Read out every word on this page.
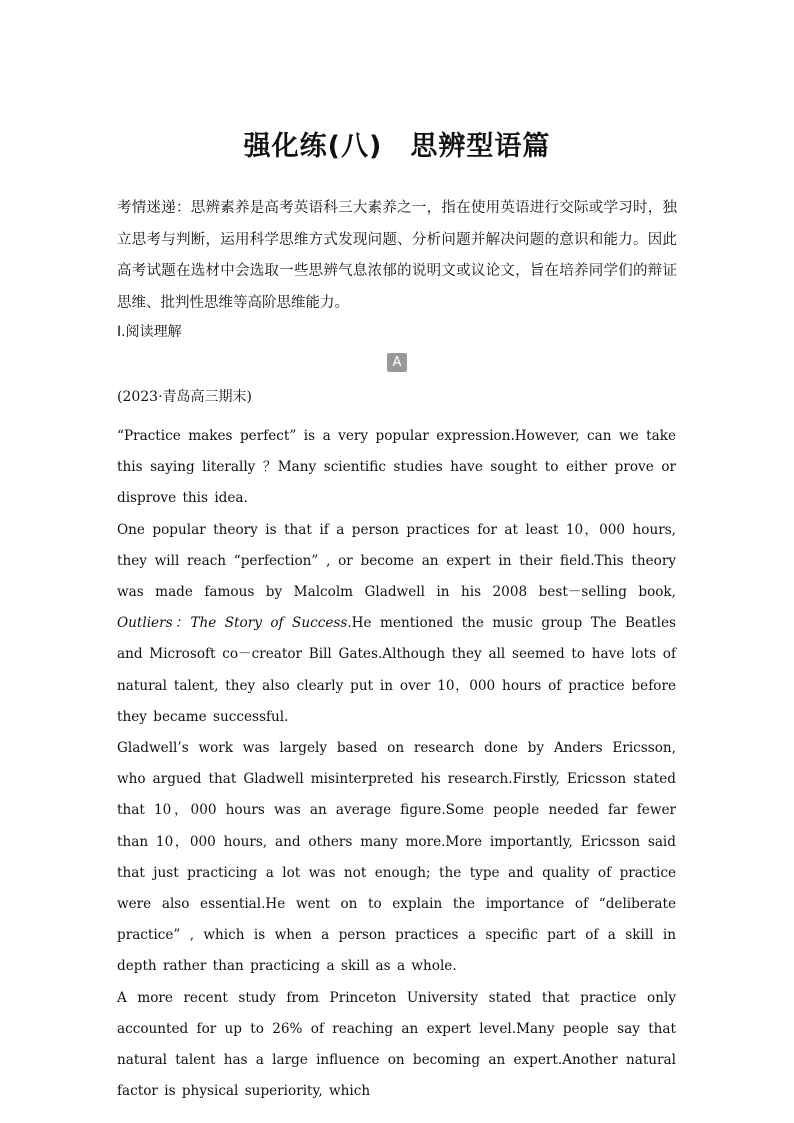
强化练(八)　思辨型语篇

考情迷递：思辨素养是高考英语科三大素养之一，指在使用英语进行交际或学习时，独立思考与判断，运用科学思维方式发现问题、分析问题并解决问题的意识和能力。因此高考试题在选材中会选取一些思辨气息浓郁的说明文或议论文，旨在培养同学们的辩证思维、批判性思维等高阶思维能力。

Ⅰ.阅读理解
A
(2023·青岛高三期末)

“Practice makes perfect” is a very popular expression.However, can we take this saying literally ？Many scientific studies have sought to either prove or disprove this idea.

One popular theory is that if a person practices for at least 10，000 hours, they will reach “perfection” , or become an expert in their field.This theory was made famous by Malcolm Gladwell in his 2008 best－selling book, Outliers：The Story of Success.He mentioned the music group The Beatles and Microsoft co－creator Bill Gates.Although they all seemed to have lots of natural talent, they also clearly put in over 10，000 hours of practice before they became successful.

Gladwell’s work was largely based on research done by Anders Ericsson, who argued that Gladwell misinterpreted his research.Firstly, Ericsson stated that 10，000 hours was an average figure.Some people needed far fewer than 10，000 hours, and others many more.More importantly, Ericsson said that just practicing a lot was not enough; the type and quality of practice were also essential.He went on to explain the importance of “deliberate practice” , which is when a person practices a specific part of a skill in depth rather than practicing a skill as a whole.

A more recent study from Princeton University stated that practice only accounted for up to 26% of reaching an expert level.Many people say that natural talent has a large influence on becoming an expert.Another natural factor is physical superiority, which
